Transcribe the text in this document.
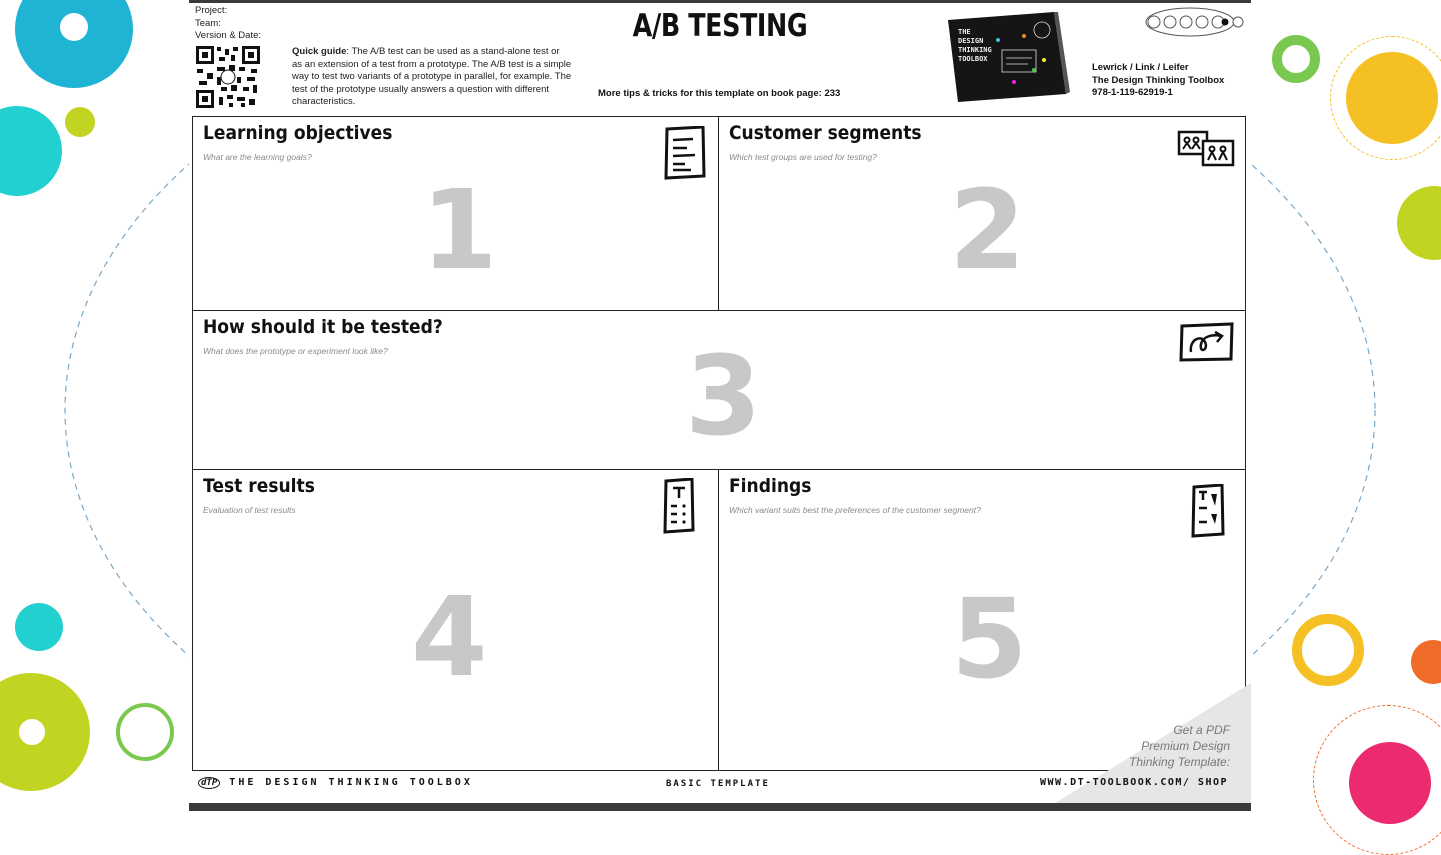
Project:
Team:
Version & Date:
Quick guide: The A/B test can be used as a stand-alone test or as an extension of a test from a prototype. The A/B test is a simple way to test two variants of a prototype in parallel, for example. The test of the prototype usually answers a question with different characteristics.
A/B TESTING
More tips & tricks for this template on book page: 233
THE
DESIGN
THINKING
TOOLBOX
Lewrick / Link / Leifer
The Design Thinking Toolbox
978-1-119-62919-1
Learning objectives
What are the learning goals?
1
Customer segments
Which test groups are used for testing?
2
How should it be tested?
What does the prototype or experiment look like?	3
Test results
Evaluation of test results
4
Findings
Which variant suits best the preferences of the customer segment?
5
Get a PDF
Premium Design
Thinking Template:
dTP THE DESIGN THINKING TOOLBOX	BASIC TEMPLATE	WWW.DT-TOOLBOOK.COM/ SHOP
